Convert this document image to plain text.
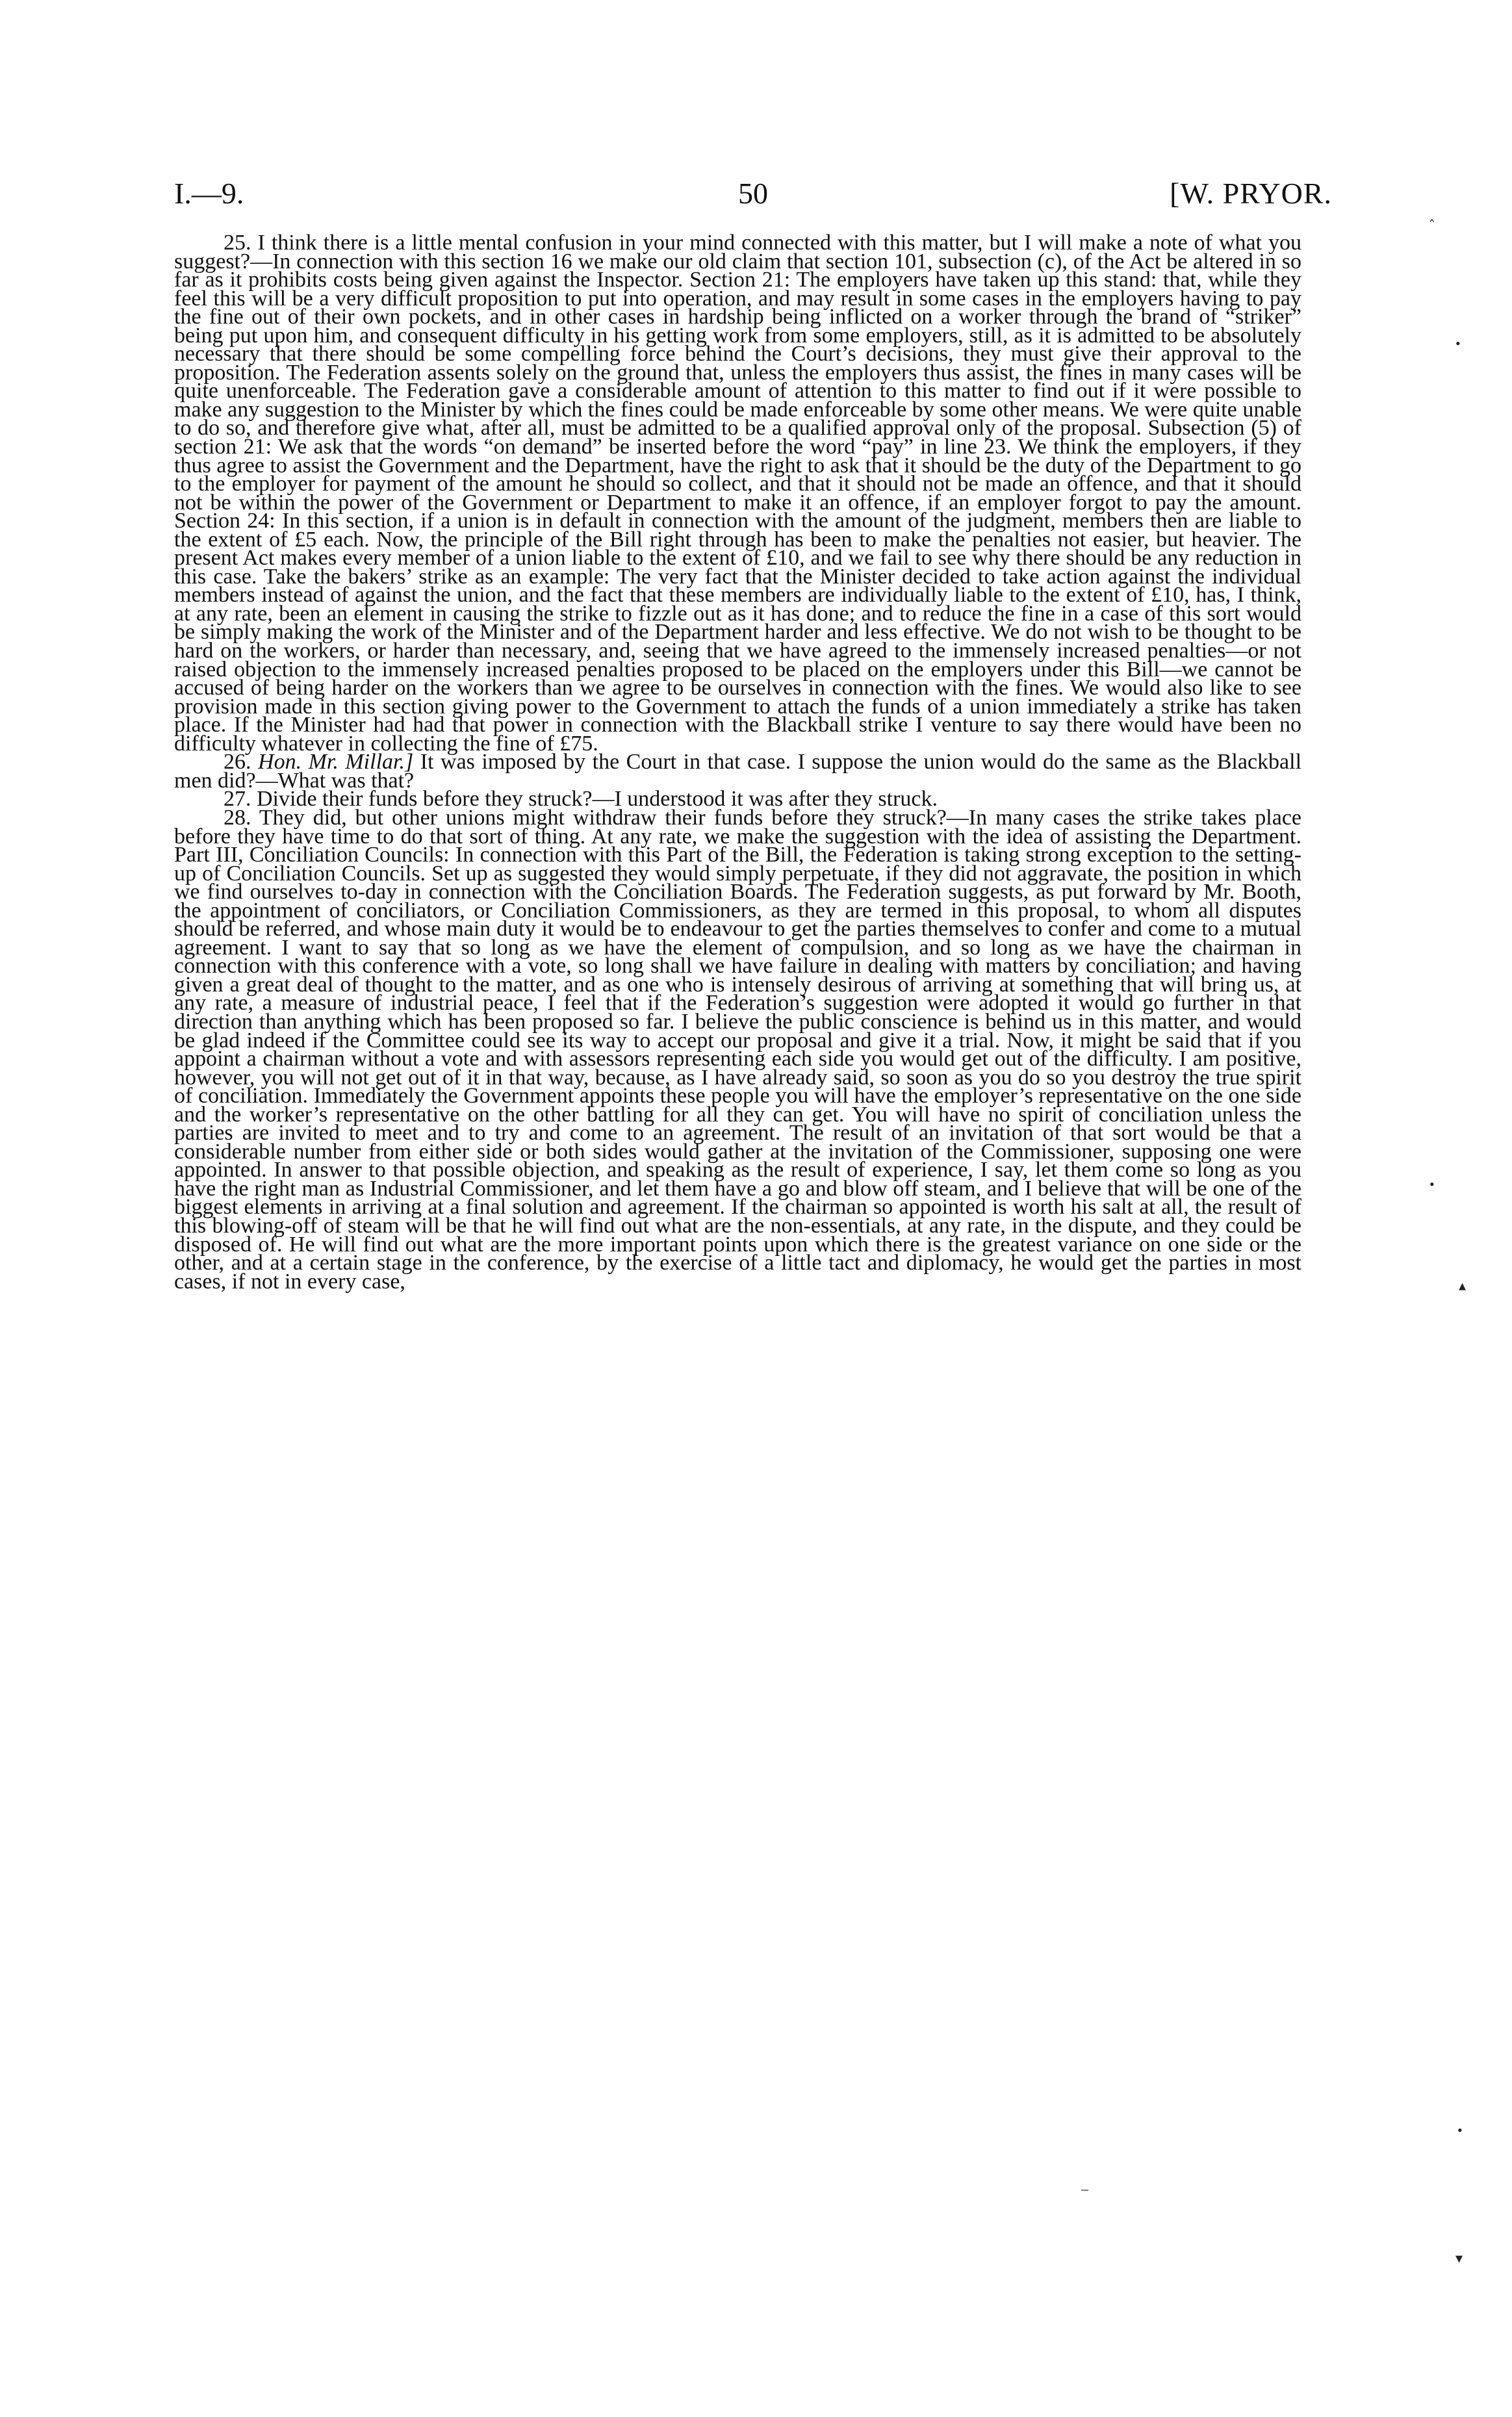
I.—9.	50	[W. PRYOR.

25. I think there is a little mental confusion in your mind connected with this matter, but I will make a note of what you suggest?—In connection with this section 16 we make our old claim that section 101, subsection (c), of the Act be altered in so far as it prohibits costs being given against the Inspector. Section 21: The employers have taken up this stand: that, while they feel this will be a very difficult proposition to put into operation, and may result in some cases in the employers having to pay the fine out of their own pockets, and in other cases in hardship being inflicted on a worker through the brand of “striker” being put upon him, and consequent difficulty in his getting work from some employers, still, as it is admitted to be absolutely necessary that there should be some compelling force behind the Court’s decisions, they must give their approval to the proposition. The Federation assents solely on the ground that, unless the employers thus assist, the fines in many cases will be quite unenforceable. The Federation gave a considerable amount of attention to this matter to find out if it were possible to make any suggestion to the Minister by which the fines could be made enforceable by some other means. We were quite unable to do so, and therefore give what, after all, must be admitted to be a qualified approval only of the proposal. Subsection (5) of section 21: We ask that the words “on demand” be inserted before the word “pay” in line 23. We think the employers, if they thus agree to assist the Government and the Department, have the right to ask that it should be the duty of the Department to go to the employer for payment of the amount he should so collect, and that it should not be made an offence, and that it should not be within the power of the Government or Department to make it an offence, if an employer forgot to pay the amount. Section 24: In this section, if a union is in default in connection with the amount of the judgment, members then are liable to the extent of £5 each. Now, the principle of the Bill right through has been to make the penalties not easier, but heavier. The present Act makes every member of a union liable to the extent of £10, and we fail to see why there should be any reduction in this case. Take the bakers’ strike as an example: The very fact that the Minister decided to take action against the individual members instead of against the union, and the fact that these members are individually liable to the extent of £10, has, I think, at any rate, been an element in causing the strike to fizzle out as it has done; and to reduce the fine in a case of this sort would be simply making the work of the Minister and of the Department harder and less effective. We do not wish to be thought to be hard on the workers, or harder than necessary, and, seeing that we have agreed to the immensely increased penalties—or not raised objection to the immensely increased penalties proposed to be placed on the employers under this Bill—we cannot be accused of being harder on the workers than we agree to be ourselves in connection with the fines. We would also like to see provision made in this section giving power to the Government to attach the funds of a union immediately a strike has taken place. If the Minister had had that power in connection with the Blackball strike I venture to say there would have been no difficulty whatever in collecting the fine of £75.

26. Hon. Mr. Millar.] It was imposed by the Court in that case. I suppose the union would do the same as the Blackball men did?—What was that?

27. Divide their funds before they struck?—I understood it was after they struck.

28. They did, but other unions might withdraw their funds before they struck?—In many cases the strike takes place before they have time to do that sort of thing. At any rate, we make the suggestion with the idea of assisting the Department. Part III, Conciliation Councils: In connection with this Part of the Bill, the Federation is taking strong exception to the setting-up of Conciliation Councils. Set up as suggested they would simply perpetuate, if they did not aggravate, the position in which we find ourselves to-day in connection with the Conciliation Boards. The Federation suggests, as put forward by Mr. Booth, the appointment of conciliators, or Conciliation Commissioners, as they are termed in this proposal, to whom all disputes should be referred, and whose main duty it would be to endeavour to get the parties themselves to confer and come to a mutual agreement. I want to say that so long as we have the element of compulsion, and so long as we have the chairman in connection with this conference with a vote, so long shall we have failure in dealing with matters by conciliation; and having given a great deal of thought to the matter, and as one who is intensely desirous of arriving at something that will bring us, at any rate, a measure of industrial peace, I feel that if the Federation’s suggestion were adopted it would go further in that direction than anything which has been proposed so far. I believe the public conscience is behind us in this matter, and would be glad indeed if the Committee could see its way to accept our proposal and give it a trial. Now, it might be said that if you appoint a chairman without a vote and with assessors representing each side you would get out of the difficulty. I am positive, however, you will not get out of it in that way, because, as I have already said, so soon as you do so you destroy the true spirit of conciliation. Immediately the Government appoints these people you will have the employer’s representative on the one side and the worker’s representative on the other battling for all they can get. You will have no spirit of conciliation unless the parties are invited to meet and to try and come to an agreement. The result of an invitation of that sort would be that a considerable number from either side or both sides would gather at the invitation of the Commissioner, supposing one were appointed. In answer to that possible objection, and speaking as the result of experience, I say, let them come so long as you have the right man as Industrial Commissioner, and let them have a go and blow off steam, and I believe that will be one of the biggest elements in arriving at a final solution and agreement. If the chairman so appointed is worth his salt at all, the result of this blowing-off of steam will be that he will find out what are the non-essentials, at any rate, in the dispute, and they could be disposed of. He will find out what are the more important points upon which there is the greatest variance on one side or the other, and at a certain stage in the conference, by the exercise of a little tact and diplomacy, he would get the parties in most cases, if not in every case,

‸
•
•
▴
•
–
▾
